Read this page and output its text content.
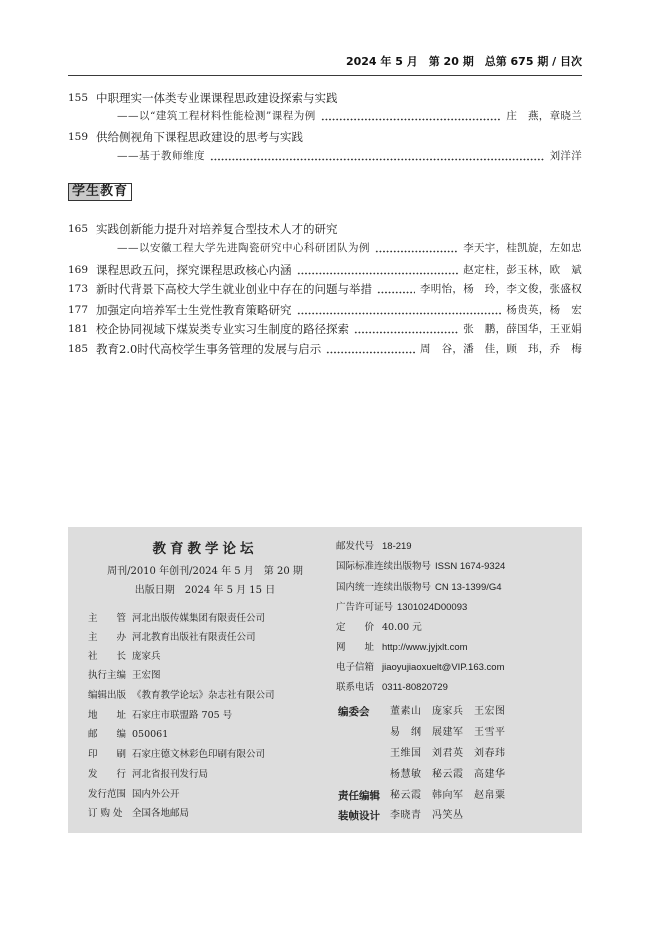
2024 年 5 月　第 20 期　总第 675 期 / 目次
155 中职理实一体类专业课课程思政建设探索与实践
——以“建筑工程材料性能检测”课程为例	庄　燕，章晓兰
159 供给侧视角下课程思政建设的思考与实践
——基于教师维度	刘洋洋
学生教育
165 实践创新能力提升对培养复合型技术人才的研究
——以安徽工程大学先进陶瓷研究中心科研团队为例	李天宇，桂凯旋，左如忠
169 课程思政五问，探究课程思政核心内涵	赵定柱，彭玉林，欧　斌
173 新时代背景下高校大学生就业创业中存在的问题与举措	李明怡，杨　玲，李文俊，张盛权
177 加强定向培养军士生党性教育策略研究	杨贵英，杨　宏
181 校企协同视域下煤炭类专业实习生制度的路径探索	张　鹏，薛国华，王亚娟
185 教育2.0时代高校学生事务管理的发展与启示	周　谷，潘　佳，顾　玮，乔　梅
教育教学论坛
周刊/2010 年创刊/2024 年 5 月　第 20 期
出版日期　 2024 年 5 月 15 日
主　　管 河北出版传媒集团有限责任公司
主　　办 河北教育出版社有限责任公司
社　　长 庞家兵
执行主编 王宏图
编辑出版 《教育教学论坛》杂志社有限公司
地　　址 石家庄市联盟路 705 号
邮　　编 050061
印　　刷 石家庄德文林彩色印刷有限公司
发　　行 河北省报刊发行局
发行范围 国内外公开
订 购 处 全国各地邮局
邮发代号 18-219
国际标准连续出版物号 ISSN 1674-9324
国内统一连续出版物号 CN 13-1399/G4
广告许可证号 1301024D00093
定　　价 40.00 元
网　　址 http://www.jyjxlt.com
电子信箱 jiaoyujiaoxuelt@VIP.163.com
联系电话 0311-80820729
编委会	董素山	庞家兵	王宏图
易　纲	展建军	王雪平
王维国	刘君英	刘春玮
杨慧敏	秘云霞	高建华
责任编辑	秘云霞	韩向军	赵帛粟
装帧设计	李晓青	冯笑丛
